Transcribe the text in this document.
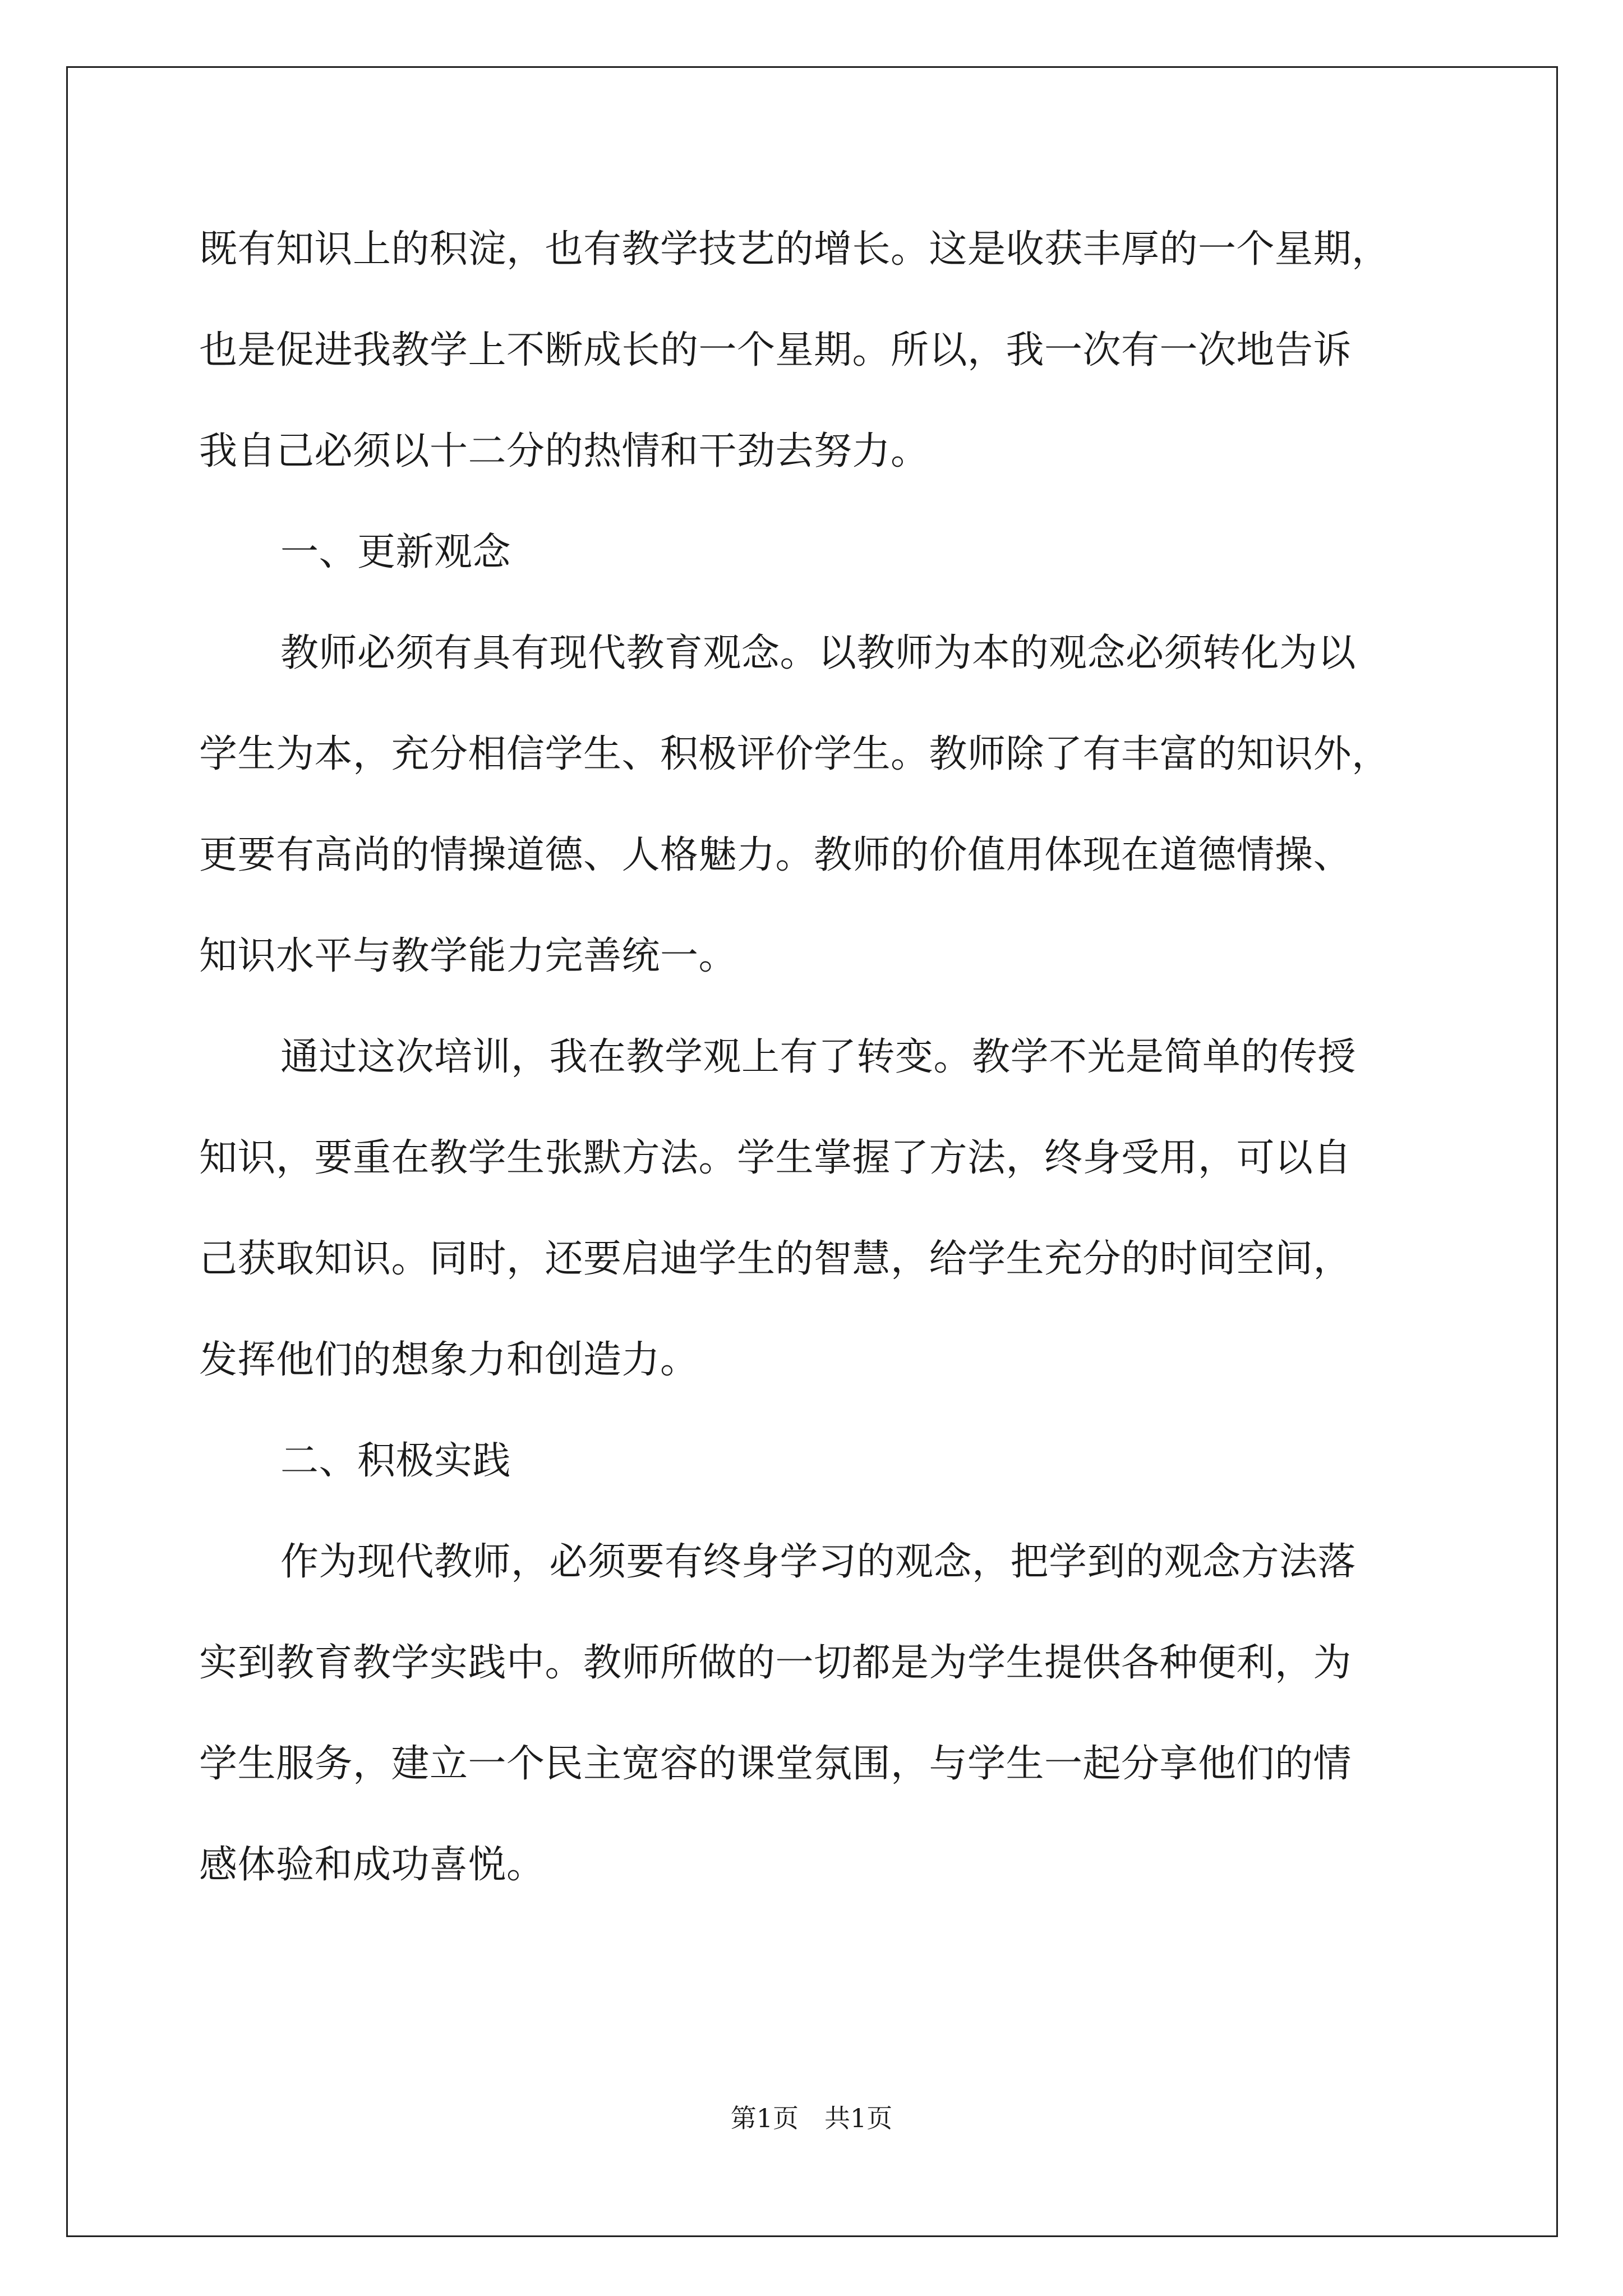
既有知识上的积淀，也有教学技艺的增长。这是收获丰厚的一个星期，

也是促进我教学上不断成长的一个星期。所以，我一次有一次地告诉

我自己必须以十二分的热情和干劲去努力。

一、更新观念

教师必须有具有现代教育观念。以教师为本的观念必须转化为以

学生为本，充分相信学生、积极评价学生。教师除了有丰富的知识外，

更要有高尚的情操道德、人格魅力。教师的价值用体现在道德情操、

知识水平与教学能力完善统一。

通过这次培训，我在教学观上有了转变。教学不光是简单的传授

知识，要重在教学生张默方法。学生掌握了方法，终身受用，可以自

己获取知识。同时，还要启迪学生的智慧，给学生充分的时间空间，

发挥他们的想象力和创造力。

二、积极实践

作为现代教师，必须要有终身学习的观念，把学到的观念方法落

实到教育教学实践中。教师所做的一切都是为学生提供各种便利，为

学生服务，建立一个民主宽容的课堂氛围，与学生一起分享他们的情

感体验和成功喜悦。

第1页 共1页
